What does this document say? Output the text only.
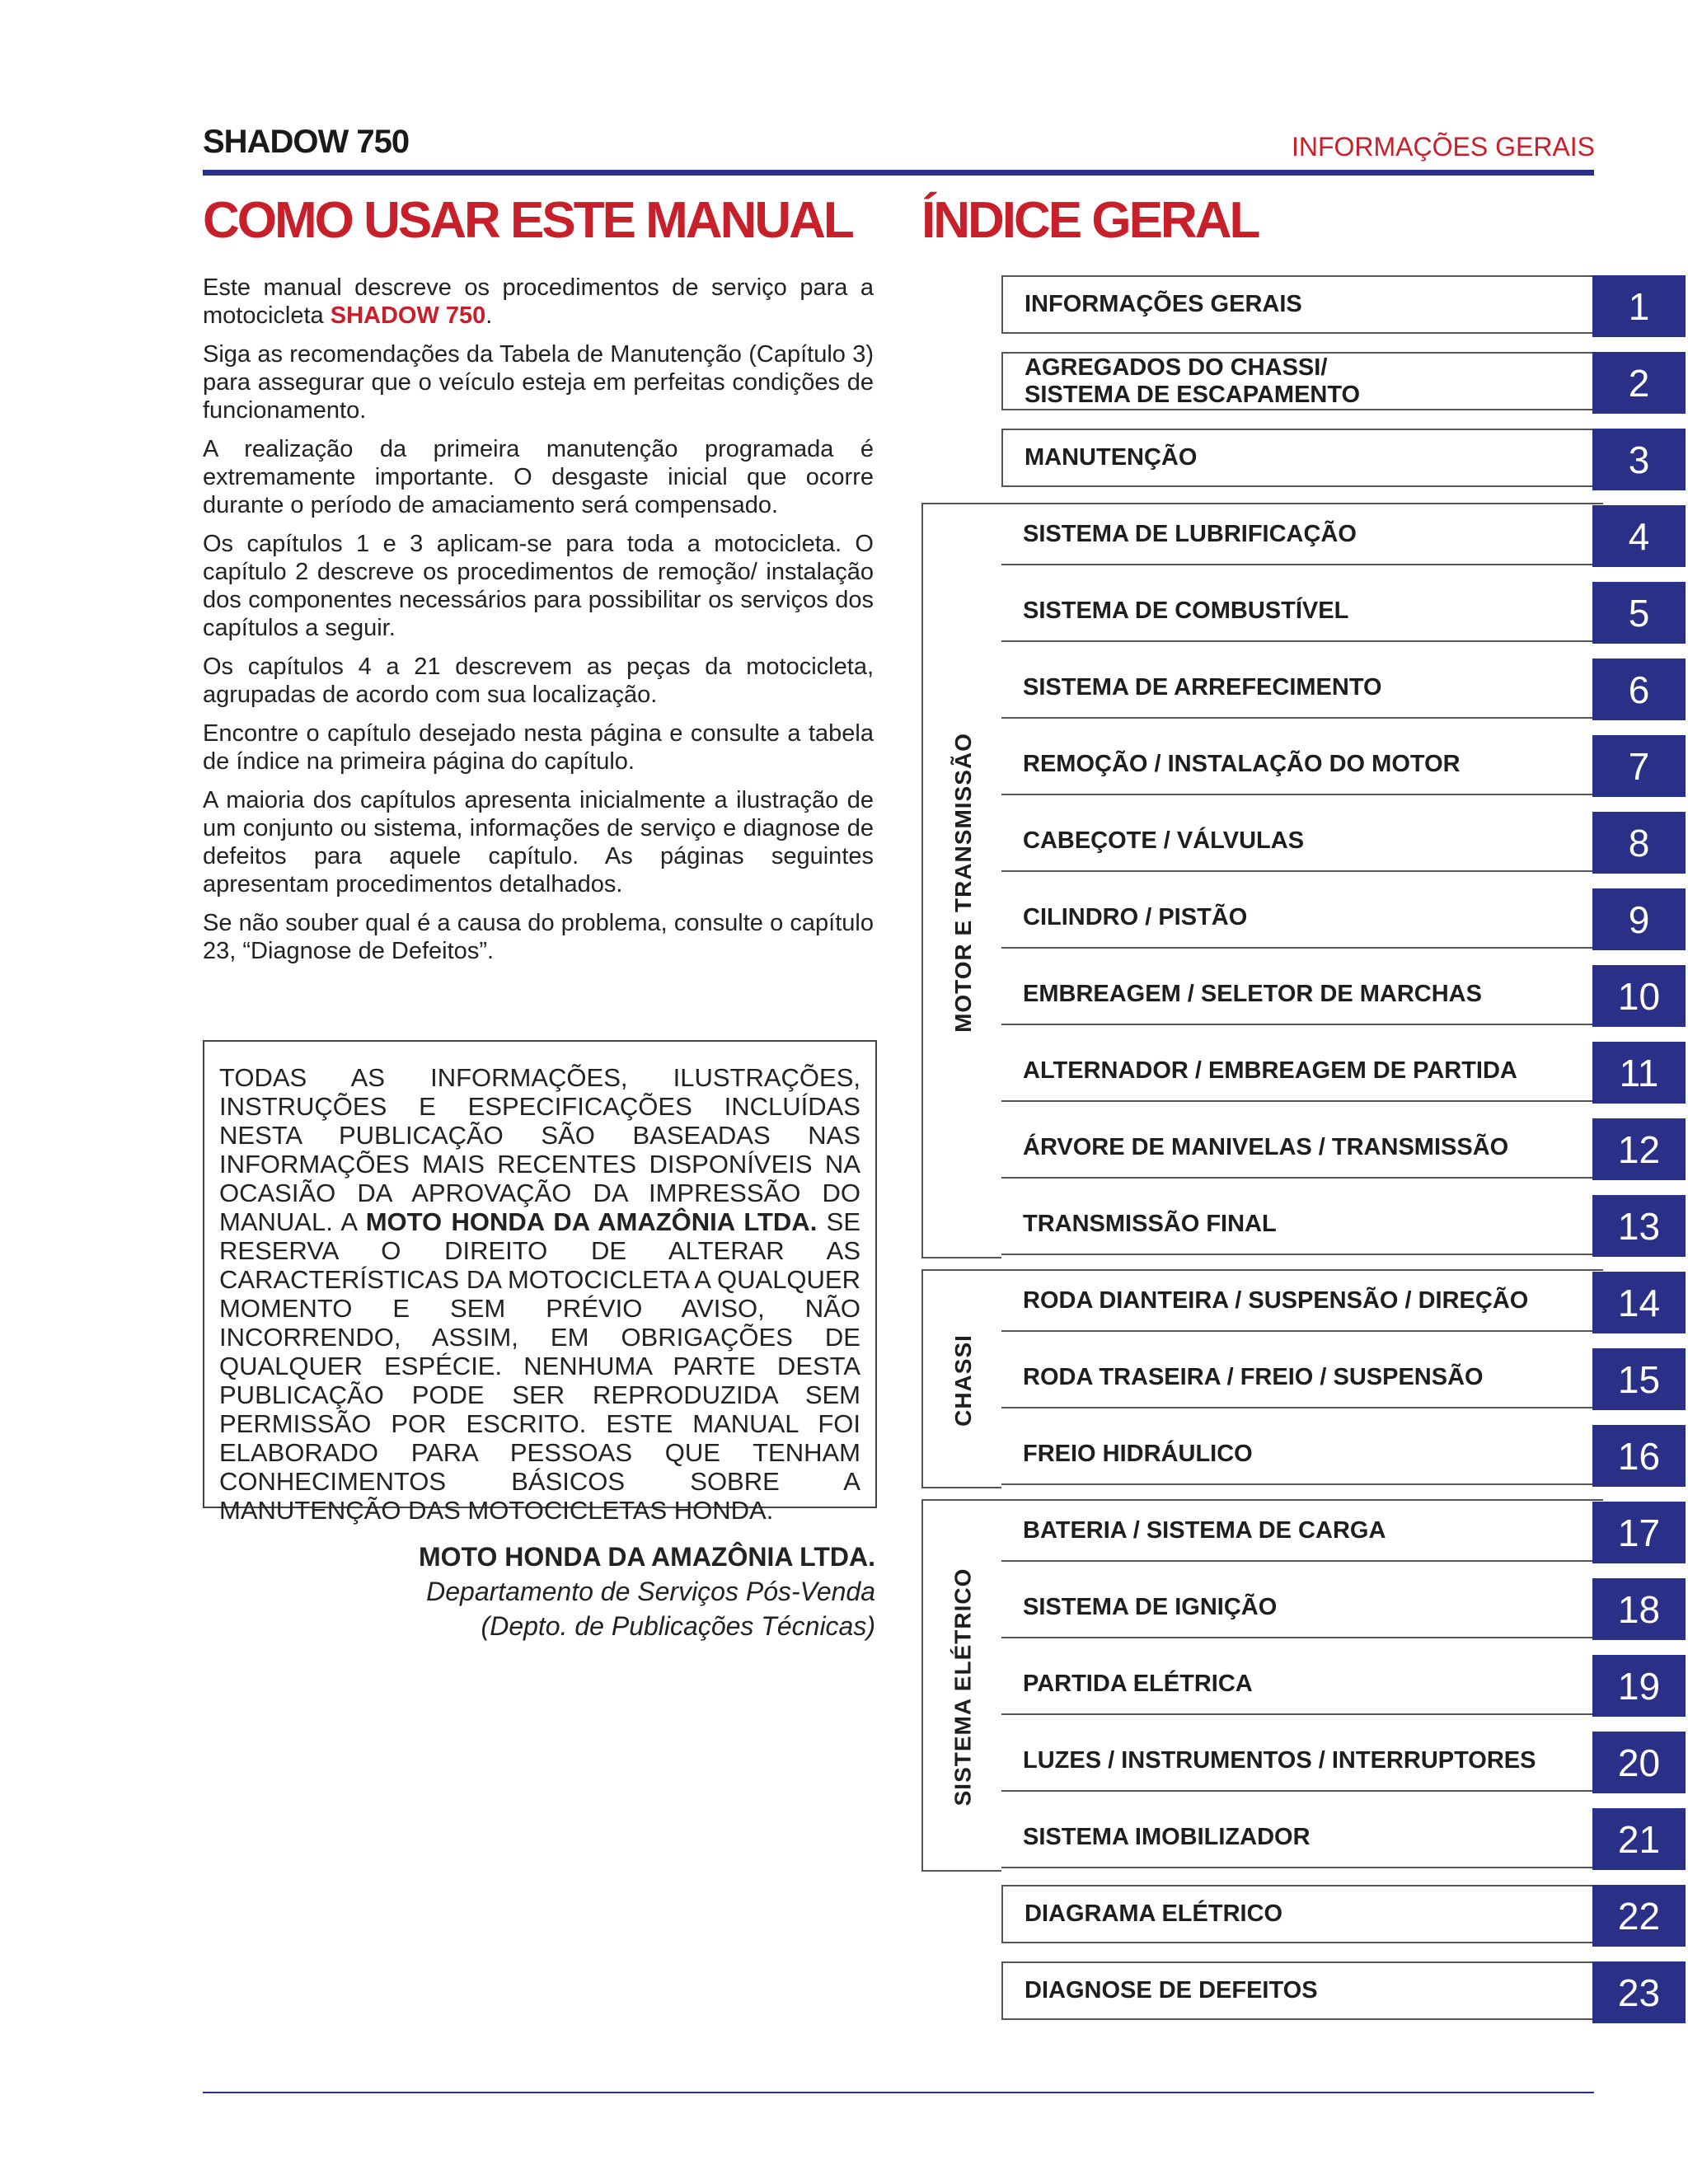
SHADOW 750	INFORMAÇÕES GERAIS
COMO USAR ESTE MANUAL ÍNDICE GERAL

Este manual descreve os procedimentos de serviço para a motocicleta SHADOW 750.

Siga as recomendações da Tabela de Manutenção (Capítulo 3) para assegurar que o veículo esteja em perfeitas condições de funcionamento.

A realização da primeira manutenção programada é extremamente importante. O desgaste inicial que ocorre durante o período de amaciamento será compensado.

Os capítulos 1 e 3 aplicam-se para toda a motocicleta. O capítulo 2 descreve os procedimentos de remoção/ instalação dos componentes necessários para possibilitar os serviços dos capítulos a seguir.

Os capítulos 4 a 21 descrevem as peças da motocicleta, agrupadas de acordo com sua localização.

Encontre o capítulo desejado nesta página e consulte a tabela de índice na primeira página do capítulo.

A maioria dos capítulos apresenta inicialmente a ilustração de um conjunto ou sistema, informações de serviço e diagnose de defeitos para aquele capítulo. As páginas seguintes apresentam procedimentos detalhados.

Se não souber qual é a causa do problema, consulte o capítulo 23, “Diagnose de Defeitos”.

TODAS AS INFORMAÇÕES, ILUSTRAÇÕES, INSTRUÇÕES E ESPECIFICAÇÕES INCLUÍDAS NESTA PUBLICAÇÃO SÃO BASEADAS NAS INFORMAÇÕES MAIS RECENTES DISPONÍVEIS NA OCASIÃO DA APROVAÇÃO DA IMPRESSÃO DO MANUAL. A MOTO HONDA DA AMAZÔNIA LTDA. SE RESERVA O DIREITO DE ALTERAR AS CARACTERÍSTICAS DA MOTOCICLETA A QUALQUER MOMENTO E SEM PRÉVIO AVISO, NÃO INCORRENDO, ASSIM, EM OBRIGAÇÕES DE QUALQUER ESPÉCIE. NENHUMA PARTE DESTA PUBLICAÇÃO PODE SER REPRODUZIDA SEM PERMISSÃO POR ESCRITO. ESTE MANUAL FOI ELABORADO PARA PESSOAS QUE TENHAM CONHECIMENTOS BÁSICOS SOBRE A MANUTENÇÃO DAS MOTOCICLETAS HONDA.
MOTO HONDA DA AMAZÔNIA LTDA.
Departamento de Serviços Pós-Venda
(Depto. de Publicações Técnicas)
INFORMAÇÕES GERAIS	1
AGREGADOS DO CHASSI/
SISTEMA DE ESCAPAMENTO	2
MANUTENÇÃO	3
SISTEMA DE LUBRIFICAÇÃO	4
SISTEMA DE COMBUSTÍVEL	5
SISTEMA DE ARREFECIMENTO	6
REMOÇÃO / INSTALAÇÃO DO MOTOR	7
CABEÇOTE / VÁLVULAS	8
CILINDRO / PISTÃO	9
EMBREAGEM / SELETOR DE MARCHAS	10
ALTERNADOR / EMBREAGEM DE PARTIDA	11
ÁRVORE DE MANIVELAS / TRANSMISSÃO	12
TRANSMISSÃO FINAL	13
RODA DIANTEIRA / SUSPENSÃO / DIREÇÃO	14
RODA TRASEIRA / FREIO / SUSPENSÃO	15
FREIO HIDRÁULICO	16
BATERIA / SISTEMA DE CARGA	17
SISTEMA DE IGNIÇÃO	18
PARTIDA ELÉTRICA	19
LUZES / INSTRUMENTOS / INTERRUPTORES	20
SISTEMA IMOBILIZADOR	21
DIAGRAMA ELÉTRICO	22
DIAGNOSE DE DEFEITOS	23
MOTOR E TRANSMISSÃO
CHASSI
SISTEMA ELÉTRICO
